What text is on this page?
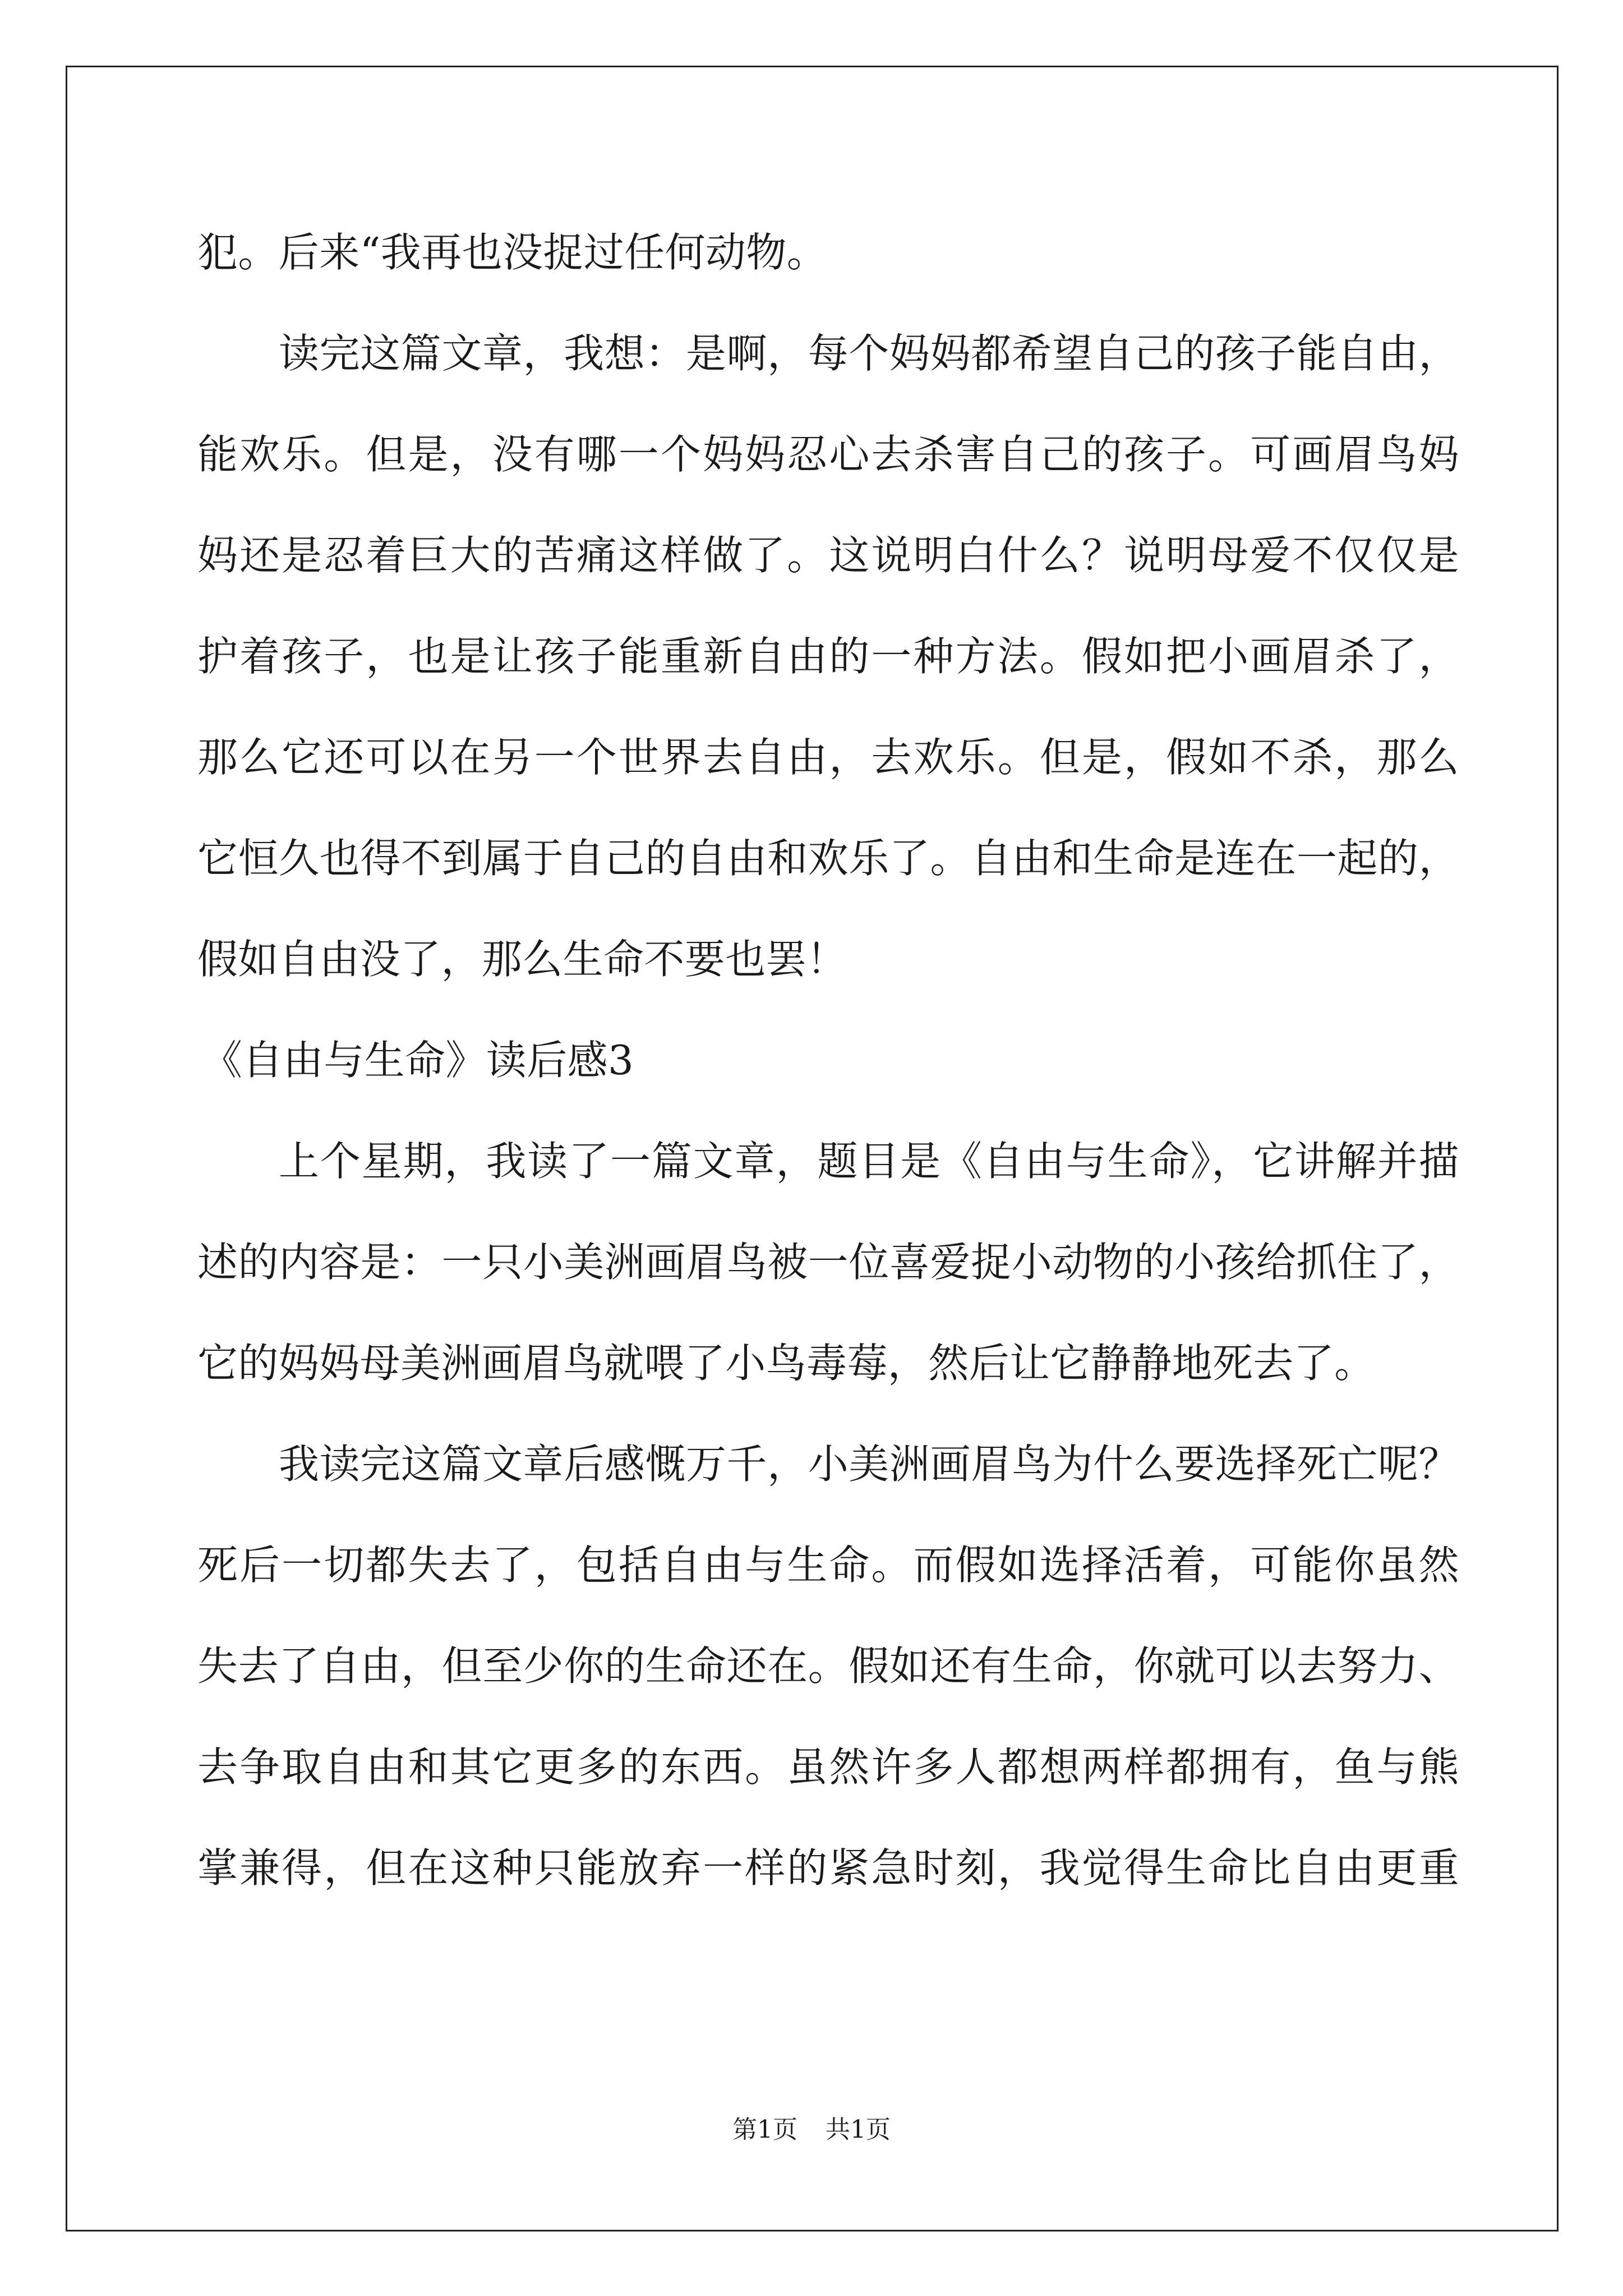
犯。后来“我再也没捉过任何动物。
读完这篇文章，我想：是啊，每个妈妈都希望自己的孩子能自由，
能欢乐。但是，没有哪一个妈妈忍心去杀害自己的孩子。可画眉鸟妈
妈还是忍着巨大的苦痛这样做了。这说明白什么？说明母爱不仅仅是
护着孩子，也是让孩子能重新自由的一种方法。假如把小画眉杀了，
那么它还可以在另一个世界去自由，去欢乐。但是，假如不杀，那么
它恒久也得不到属于自己的自由和欢乐了。自由和生命是连在一起的，
假如自由没了，那么生命不要也罢！
《自由与生命》读后感3
上个星期，我读了一篇文章，题目是《自由与生命》，它讲解并描
述的内容是：一只小美洲画眉鸟被一位喜爱捉小动物的小孩给抓住了，
它的妈妈母美洲画眉鸟就喂了小鸟毒莓，然后让它静静地死去了。
我读完这篇文章后感慨万千，小美洲画眉鸟为什么要选择死亡呢？
死后一切都失去了，包括自由与生命。而假如选择活着，可能你虽然
失去了自由，但至少你的生命还在。假如还有生命，你就可以去努力、
去争取自由和其它更多的东西。虽然许多人都想两样都拥有，鱼与熊
掌兼得，但在这种只能放弃一样的紧急时刻，我觉得生命比自由更重
第1页 共1页
